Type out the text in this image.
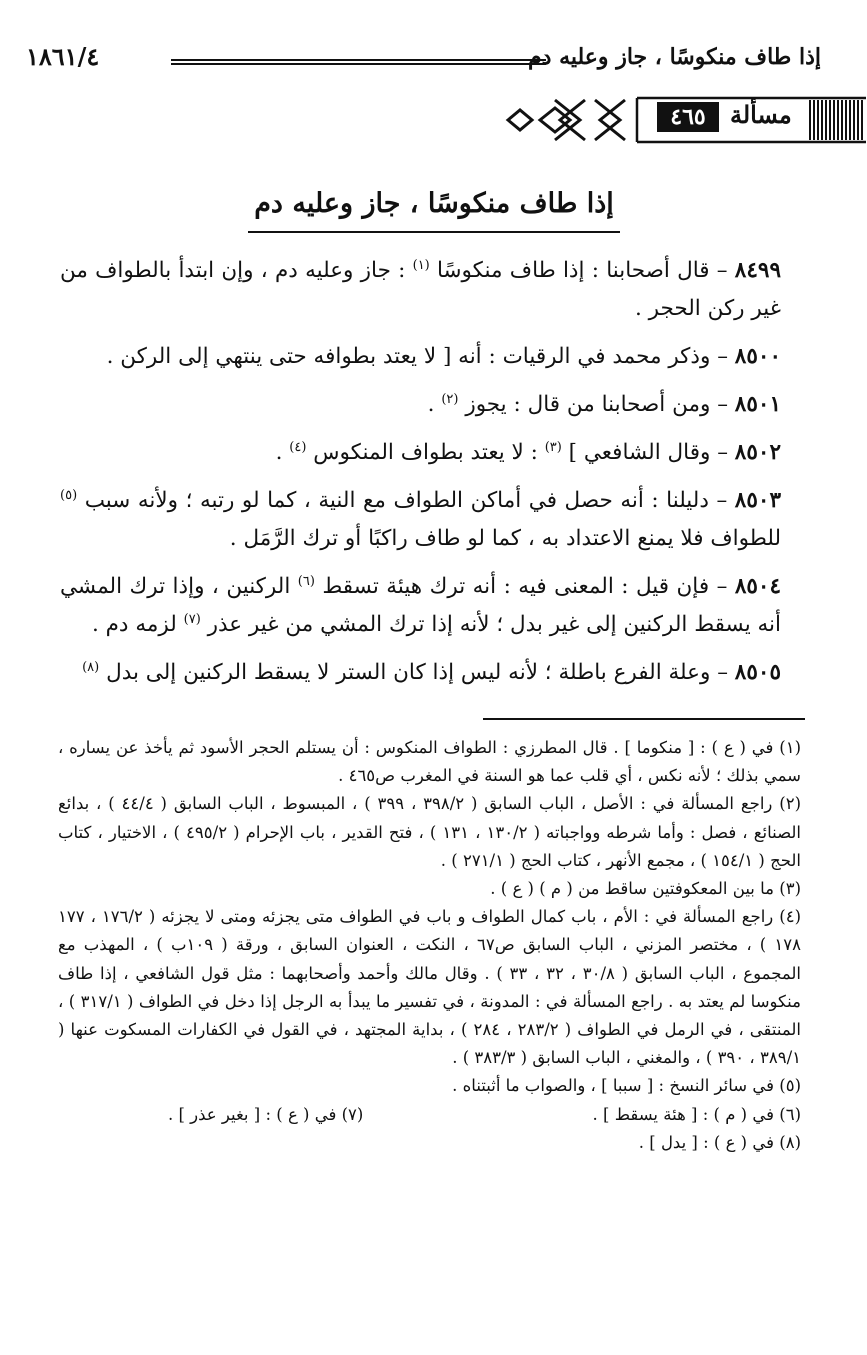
إذا طاف منكوسًا ، جاز وعليه دم
١٨٦١/٤
مسألة
٤٦٥
إذا طاف منكوسًا ، جاز وعليه دم

٨٤٩٩ – قال أصحابنا : إذا طاف منكوسًا $^{(١)}$ : جاز وعليه دم ، وإن ابتدأ بالطواف من غير ركن الحجر .

٨٥٠٠ – وذكر محمد في الرقيات : أنه [ لا يعتد بطوافه حتى ينتهي إلى الركن .

٨٥٠١ – ومن أصحابنا من قال : يجوز $^{(٢)}$ .

٨٥٠٢ – وقال الشافعي ] $^{(٣)}$ : لا يعتد بطواف المنكوس $^{(٤)}$ .

٨٥٠٣ – دليلنا : أنه حصل في أماكن الطواف مع النية ، كما لو رتبه ؛ ولأنه سبب $^{(٥)}$ للطواف فلا يمنع الاعتداد به ، كما لو طاف راكبًا أو ترك الرَّمَل .

٨٥٠٤ – فإن قيل : المعنى فيه : أنه ترك هيئة تسقط $^{(٦)}$ الركنين ، وإذا ترك المشي أنه يسقط الركنين إلى غير بدل ؛ لأنه إذا ترك المشي من غير عذر $^{(٧)}$ لزمه دم .

٨٥٠٥ – وعلة الفرع باطلة ؛ لأنه ليس إذا كان الستر لا يسقط الركنين إلى بدل $^{(٨)}$

(١) في ( ع ) : [ منكوما ] . قال المطرزي : الطواف المنكوس : أن يستلم الحجر الأسود ثم يأخذ عن يساره ، سمي بذلك ؛ لأنه نكس ، أي قلب عما هو السنة في المغرب ص٤٦٥ .

(٢) راجع المسألة في : الأصل ، الباب السابق ( ٣٩٨/٢ ، ٣٩٩ ) ، المبسوط ، الباب السابق ( ٤٤/٤ ) ، بدائع الصنائع ، فصل : وأما شرطه وواجباته ( ١٣٠/٢ ، ١٣١ ) ، فتح القدير ، باب الإحرام ( ٤٩٥/٢ ) ، الاختيار ، كتاب الحج ( ١٥٤/١ ) ، مجمع الأنهر ، كتاب الحج ( ٢٧١/١ ) .

(٣) ما بين المعكوفتين ساقط من ( م ) ( ع ) .

(٤) راجع المسألة في : الأم ، باب كمال الطواف و باب في الطواف متى يجزئه ومتى لا يجزئه ( ١٧٦/٢ ، ١٧٧ ١٧٨ ) ، مختصر المزني ، الباب السابق ص٦٧ ، النكت ، العنوان السابق ، ورقة ( ١٠٩ب ) ، المهذب مع المجموع ، الباب السابق ( ٣٠/٨ ، ٣٢ ، ٣٣ ) . وقال مالك وأحمد وأصحابهما : مثل قول الشافعي ، إذا طاف منكوسا لم يعتد به . راجع المسألة في : المدونة ، في تفسير ما يبدأ به الرجل إذا دخل في الطواف ( ٣١٧/١ ) ، المنتقى ، في الرمل في الطواف ( ٢٨٣/٢ ، ٢٨٤ ) ، بداية المجتهد ، في القول في الكفارات المسكوت عنها ( ٣٨٩/١ ، ٣٩٠ ) ، والمغني ، الباب السابق ( ٣٨٣/٣ ) .

(٥) في سائر النسخ : [ سببا ] ، والصواب ما أثبتناه .

(٦) في ( م ) : [ هئة يسقط ] .
(٧) في ( ع ) : [ بغير عذر ] .

(٨) في ( ع ) : [ يدل ] .
